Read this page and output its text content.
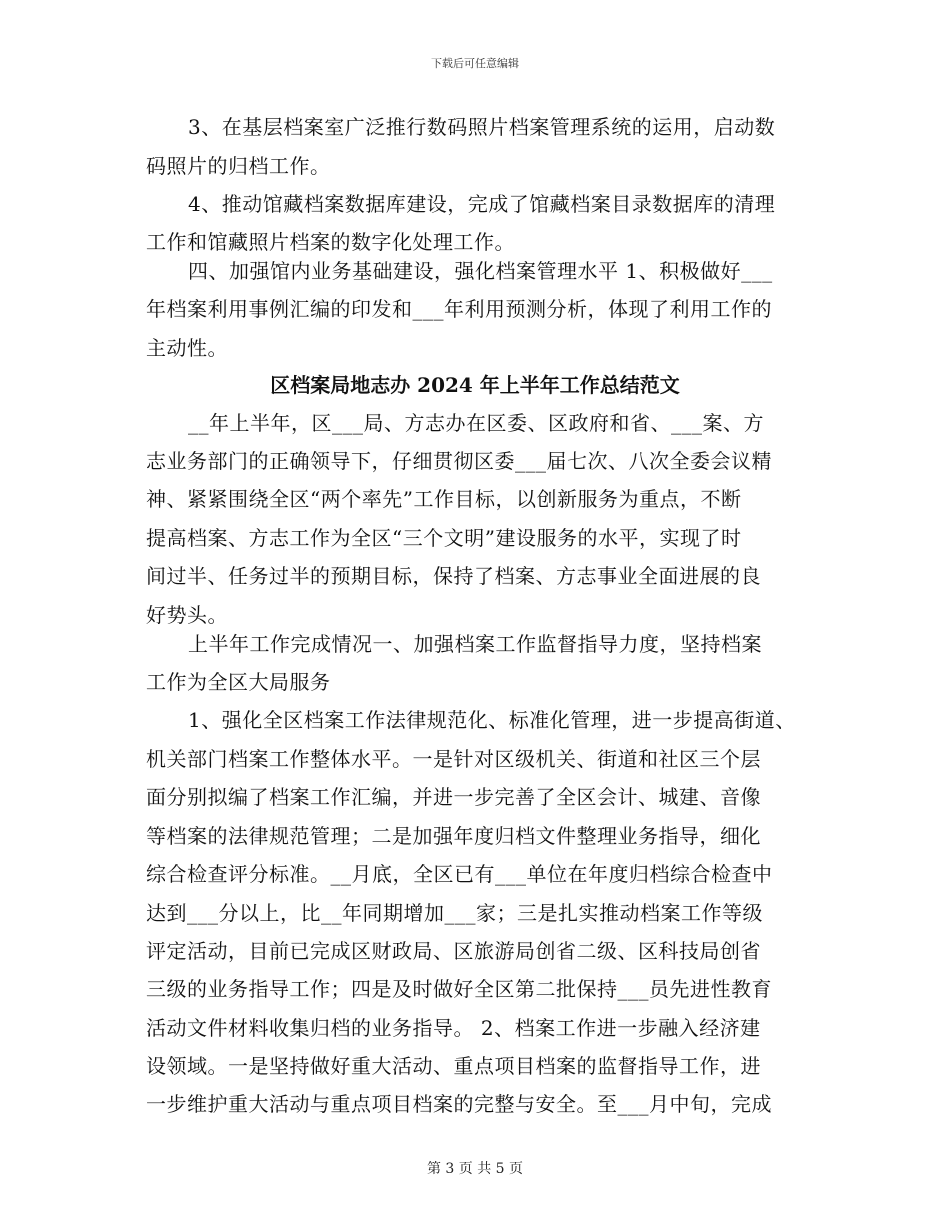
下载后可任意编辑
3、在基层档案室广泛推行数码照片档案管理系统的运用，启动数
码照片的归档工作。
4、推动馆藏档案数据库建设，完成了馆藏档案目录数据库的清理
工作和馆藏照片档案的数字化处理工作。
四、加强馆内业务基础建设，强化档案管理水平 1、积极做好___
年档案利用事例汇编的印发和___年利用预测分析，体现了利用工作的
主动性。
区档案局地志办 2024 年上半年工作总结范文
__年上半年，区___局、方志办在区委、区政府和省、___案、方
志业务部门的正确领导下，仔细贯彻区委___届七次、八次全委会议精
神、紧紧围绕全区“两个率先”工作目标，以创新服务为重点，不断
提高档案、方志工作为全区“三个文明”建设服务的水平，实现了时
间过半、任务过半的预期目标，保持了档案、方志事业全面进展的良
好势头。
上半年工作完成情况一、加强档案工作监督指导力度，坚持档案
工作为全区大局服务
1、强化全区档案工作法律规范化、标准化管理，进一步提高街道、
机关部门档案工作整体水平。一是针对区级机关、街道和社区三个层
面分别拟编了档案工作汇编，并进一步完善了全区会计、城建、音像
等档案的法律规范管理；二是加强年度归档文件整理业务指导，细化
综合检查评分标准。__月底，全区已有___单位在年度归档综合检查中
达到___分以上，比__年同期增加___家；三是扎实推动档案工作等级
评定活动，目前已完成区财政局、区旅游局创省二级、区科技局创省
三级的业务指导工作；四是及时做好全区第二批保持___员先进性教育
活动文件材料收集归档的业务指导。 2、档案工作进一步融入经济建
设领域。一是坚持做好重大活动、重点项目档案的监督指导工作，进
一步维护重大活动与重点项目档案的完整与安全。至___月中旬，完成
第 3 页 共 5 页
